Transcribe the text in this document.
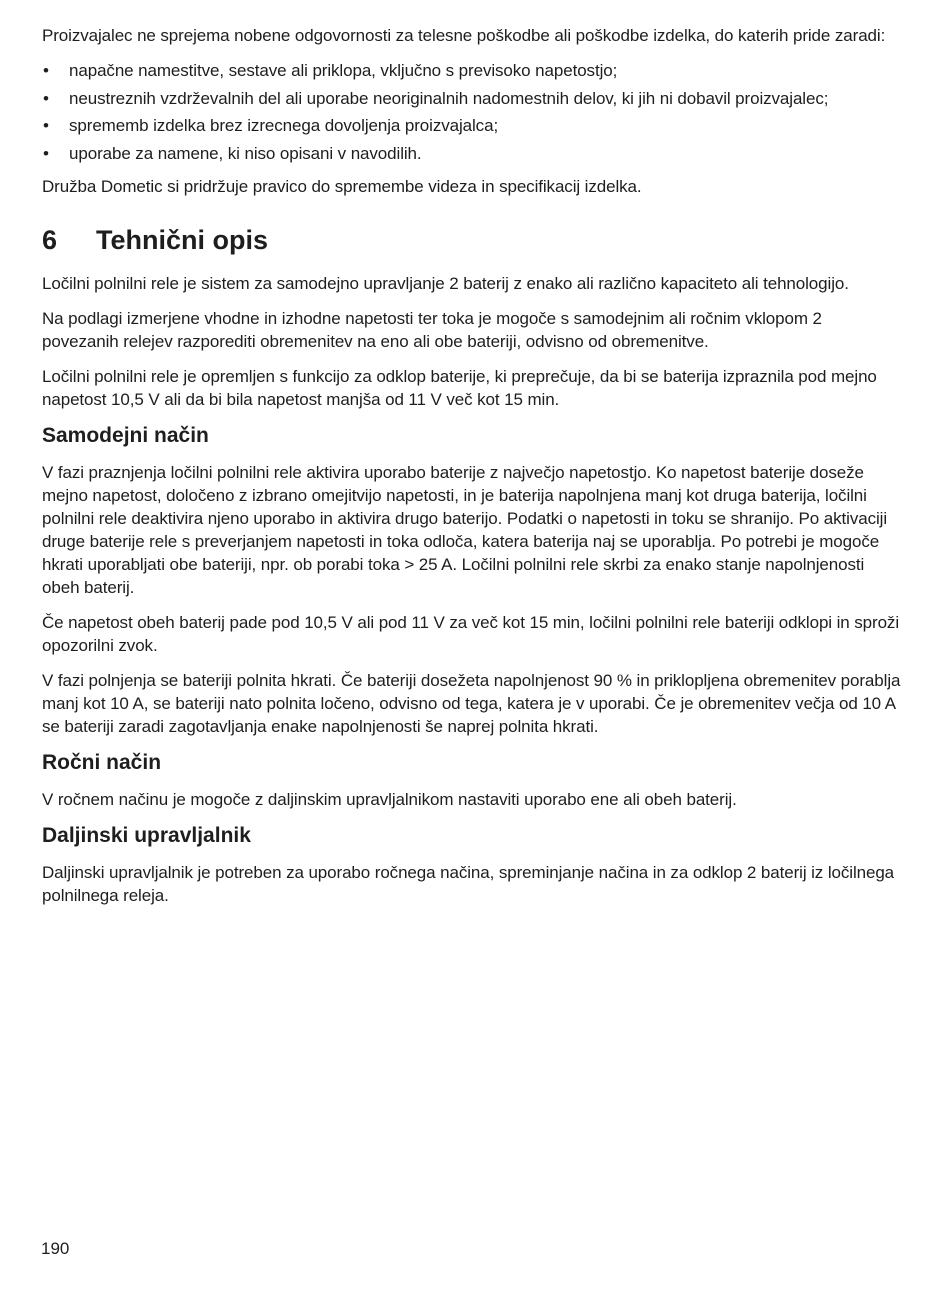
Proizvajalec ne sprejema nobene odgovornosti za telesne poškodbe ali poškodbe izdelka, do katerih pride zaradi:

• napačne namestitve, sestave ali priklopa, vključno s previsoko napetostjo;
• neustreznih vzdrževalnih del ali uporabe neoriginalnih nadomestnih delov, ki jih ni dobavil proizvajalec;
• sprememb izdelka brez izrecnega dovoljenja proizvajalca;
• uporabe za namene, ki niso opisani v navodilih.

Družba Dometic si pridržuje pravico do spremembe videza in specifikacij izdelka.

6	Tehnični opis

Ločilni polnilni rele je sistem za samodejno upravljanje 2 baterij z enako ali različno kapaciteto ali tehnologijo.

Na podlagi izmerjene vhodne in izhodne napetosti ter toka je mogoče s samodejnim ali ročnim vklopom 2 povezanih relejev razporediti obremenitev na eno ali obe bateriji, odvisno od obremenitve.

Ločilni polnilni rele je opremljen s funkcijo za odklop baterije, ki preprečuje, da bi se baterija izpraznila pod mejno napetost 10,5 V ali da bi bila napetost manjša od 11 V več kot 15 min.

Samodejni način

V fazi praznjenja ločilni polnilni rele aktivira uporabo baterije z največjo napetostjo. Ko napetost baterije doseže mejno napetost, določeno z izbrano omejitvijo napetosti, in je baterija napolnjena manj kot druga baterija, ločilni polnilni rele deaktivira njeno uporabo in aktivira drugo baterijo. Podatki o napetosti in toku se shranijo. Po aktivaciji druge baterije rele s preverjanjem napetosti in toka odloča, katera baterija naj se uporablja. Po potrebi je mogoče hkrati uporabljati obe bateriji, npr. ob porabi toka > 25 A. Ločilni polnilni rele skrbi za enako stanje napolnjenosti obeh baterij.

Če napetost obeh baterij pade pod 10,5 V ali pod 11 V za več kot 15 min, ločilni polnilni rele bateriji odklopi in sproži opozorilni zvok.

V fazi polnjenja se bateriji polnita hkrati. Če bateriji dosežeta napolnjenost 90 % in priklopljena obremenitev porablja manj kot 10 A, se bateriji nato polnita ločeno, odvisno od tega, katera je v uporabi. Če je obremenitev večja od 10 A se bateriji zaradi zagotavljanja enake napolnjenosti še naprej polnita hkrati.

Ročni način

V ročnem načinu je mogoče z daljinskim upravljalnikom nastaviti uporabo ene ali obeh baterij.

Daljinski upravljalnik

Daljinski upravljalnik je potreben za uporabo ročnega načina, spreminjanje načina in za odklop 2 baterij iz ločilnega polnilnega releja.

190
